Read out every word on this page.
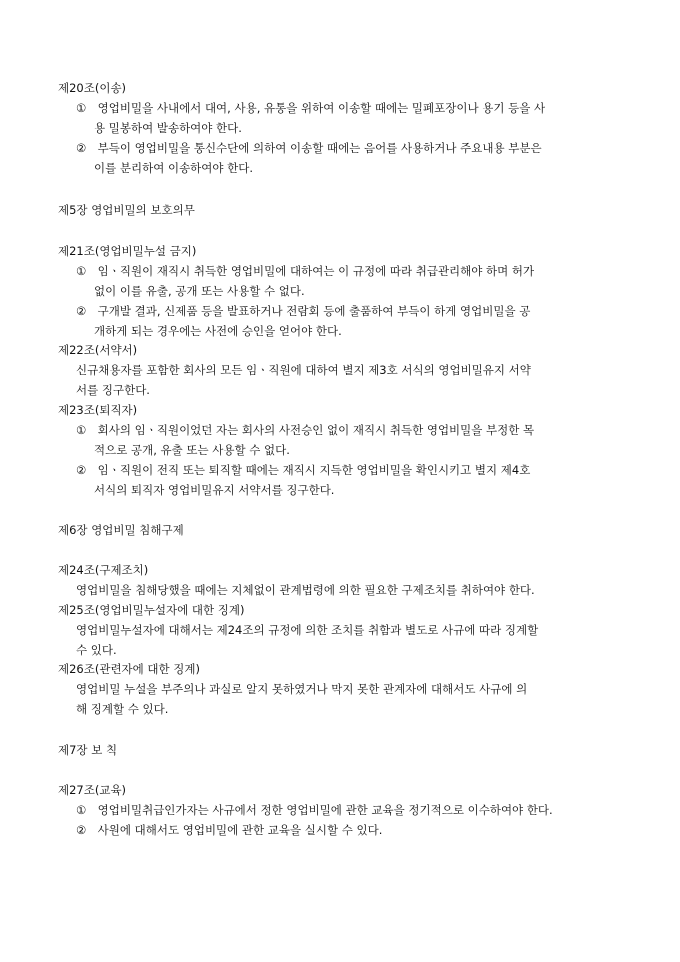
제20조(이송)
① 영업비밀을 사내에서 대여, 사용, 유통을 위하여 이송할 때에는 밀폐포장이나 용기 등을 사
용 밀봉하여 발송하여야 한다.
② 부득이 영업비밀을 통신수단에 의하여 이송할 때에는 음어를 사용하거나 주요내용 부분은
이를 분리하여 이송하여야 한다.
제5장 영업비밀의 보호의무
제21조(영업비밀누설 금지)
① 임ㆍ직원이 재직시 취득한 영업비밀에 대하여는 이 규정에 따라 취급관리해야 하며 허가
없이 이를 유출, 공개 또는 사용할 수 없다.
② 구개발 결과, 신제품 등을 발표하거나 전람회 등에 출품하여 부득이 하게 영업비밀을 공
개하게 되는 경우에는 사전에 승인을 얻어야 한다.
제22조(서약서)
신규채용자를 포함한 회사의 모든 임ㆍ직원에 대하여 별지 제3호 서식의 영업비밀유지 서약
서를 징구한다.
제23조(퇴직자)
① 회사의 임ㆍ직원이었던 자는 회사의 사전승인 없이 재직시 취득한 영업비밀을 부정한 목
적으로 공개, 유출 또는 사용할 수 없다.
② 임ㆍ직원이 전직 또는 퇴직할 때에는 재직시 지득한 영업비밀을 확인시키고 별지 제4호
서식의 퇴직자 영업비밀유지 서약서를 징구한다.
제6장 영업비밀 침해구제
제24조(구제조치)
영업비밀을 침해당했을 때에는 지체없이 관계법령에 의한 필요한 구제조치를 취하여야 한다.
제25조(영업비밀누설자에 대한 징계)
영업비밀누설자에 대해서는 제24조의 규정에 의한 조치를 취함과 별도로 사규에 따라 징계할
수 있다.
제26조(관련자에 대한 징계)
영업비밀 누설을 부주의나 과실로 알지 못하였거나 막지 못한 관계자에 대해서도 사규에 의
해 징계할 수 있다.
제7장 보 칙
제27조(교육)
① 영업비밀취급인가자는 사규에서 정한 영업비밀에 관한 교육을 정기적으로 이수하여야 한다.
② 사원에 대해서도 영업비밀에 관한 교육을 실시할 수 있다.
